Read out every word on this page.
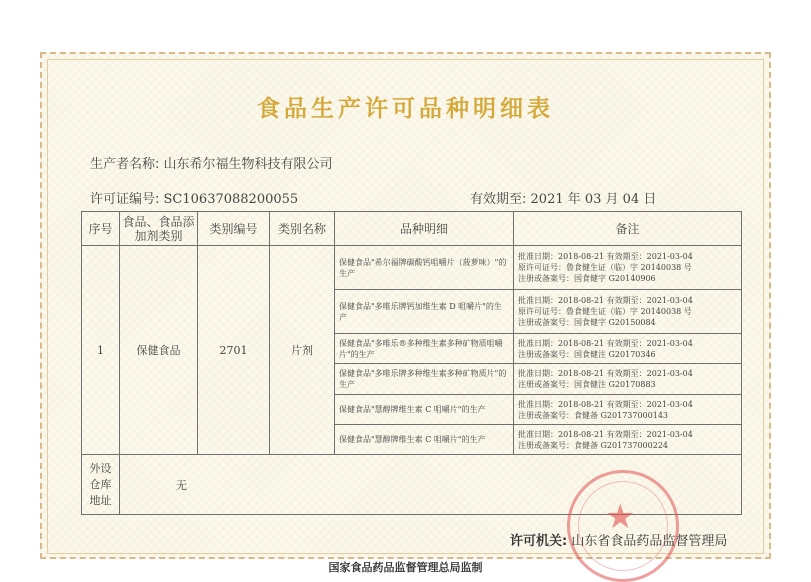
食品生产许可品种明细表
生产者名称: 山东希尔福生物科技有限公司
许可证编号: SC10637088200055	有效期至: 2021 年 03 月 04 日
序号	食品、食品添加剂类别	类别编号	类别名称	品种明细	备注
1	保健食品	2701	片剂	保健食品"希尔福牌碳酸钙咀嚼片（菠萝味）"的生产	批准日期：2018-08-21 有效期至：2021-03-04
原许可证号：鲁食健生证（临）字 20140038 号
注册或备案号：国食健字 G20140906

				保健食品"多唯乐牌钙加维生素 D 咀嚼片"的生产	批准日期：2018-08-21 有效期至：2021-03-04
原许可证号：鲁食健生证（临）字 20140038 号
注册或备案号：国食健字 G20150084

				保健食品"多唯乐®多种维生素多种矿物质咀嚼片"的生产	批准日期：2018-08-21 有效期至：2021-03-04
注册或备案号：国食健注 G20170346

				保健食品"多唯乐牌多种维生素多种矿物质片"的生产	批准日期：2018-08-21 有效期至：2021-03-04
注册或备案号：国食健注 G20170883

				保健食品"慧醇牌维生素 C 咀嚼片"的生产	批准日期：2018-08-21 有效期至：2021-03-04
注册或备案号：食健备 G201737000143

				保健食品"慧醇牌维生素 C 咀嚼片"的生产	批准日期：2018-08-21 有效期至：2021-03-04
注册或备案号：食健备 G201737000224

外设仓库地址	无				
★
许可机关: 山东省食品药品监督管理局
国家食品药品监督管理总局监制
